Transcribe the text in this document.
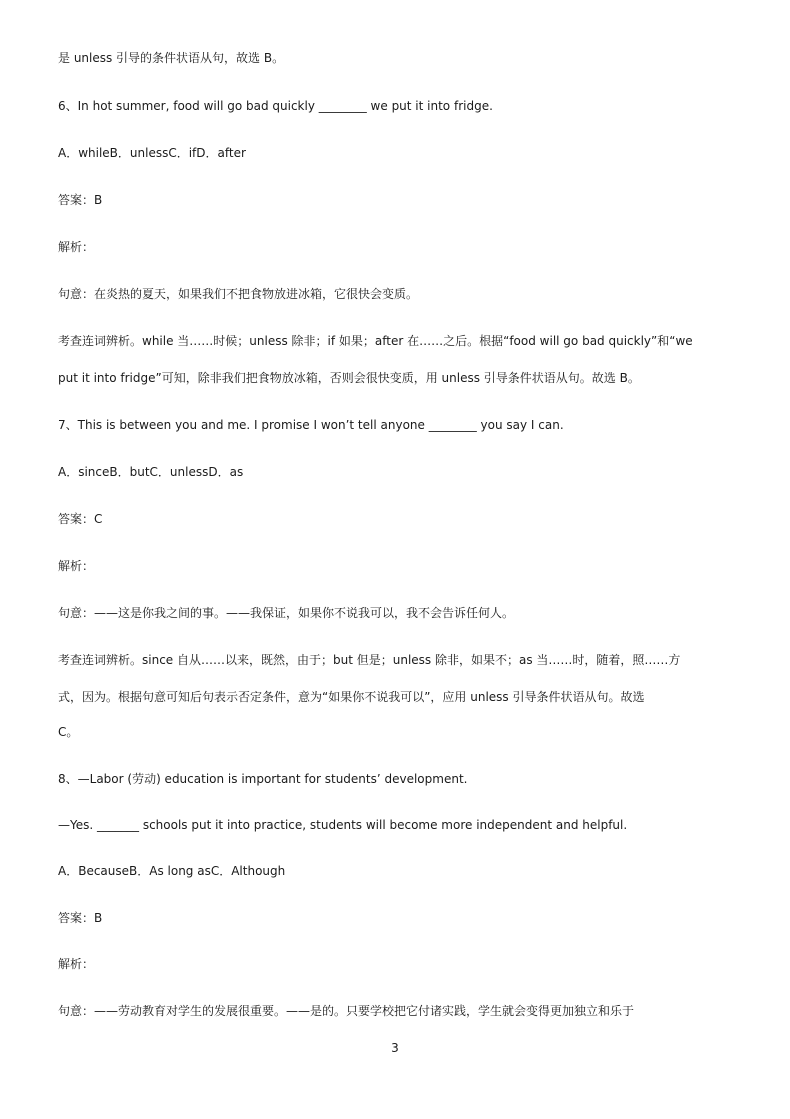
是 unless 引导的条件状语从句，故选 B。
6、In hot summer, food will go bad quickly ________ we put it into fridge.
A．whileB．unlessC．ifD．after
答案：B
解析：
句意：在炎热的夏天，如果我们不把食物放进冰箱，它很快会变质。
考查连词辨析。while 当……时候；unless 除非；if 如果；after 在……之后。根据“food will go bad quickly”和“we
put it into fridge”可知，除非我们把食物放冰箱，否则会很快变质，用 unless 引导条件状语从句。故选 B。
7、This is between you and me. I promise I won’t tell anyone ________ you say I can.
A．sinceB．butC．unlessD．as
答案：C
解析：
句意：——这是你我之间的事。——我保证，如果你不说我可以，我不会告诉任何人。
考查连词辨析。since 自从……以来，既然，由于；but 但是；unless 除非，如果不；as 当……时，随着，照……方
式，因为。根据句意可知后句表示否定条件，意为“如果你不说我可以”，应用 unless 引导条件状语从句。故选
C。
8、—Labor (劳动) education is important for students’ development.
—Yes. _______ schools put it into practice, students will become more independent and helpful.
A．BecauseB．As long asC．Although
答案：B
解析：
句意：——劳动教育对学生的发展很重要。——是的。只要学校把它付诸实践，学生就会变得更加独立和乐于
3
